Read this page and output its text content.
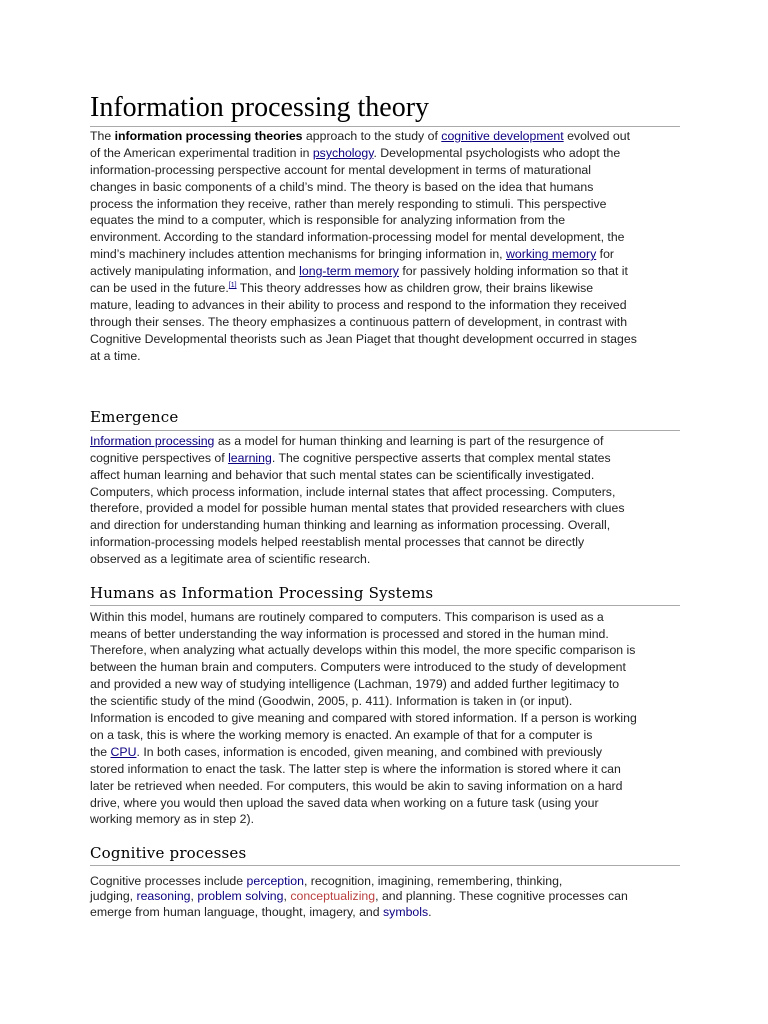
Information processing theory

The information processing theories approach to the study of cognitive development evolved out

of the American experimental tradition in psychology. Developmental psychologists who adopt the

information-processing perspective account for mental development in terms of maturational

changes in basic components of a child’s mind. The theory is based on the idea that humans

process the information they receive, rather than merely responding to stimuli. This perspective

equates the mind to a computer, which is responsible for analyzing information from the

environment. According to the standard information-processing model for mental development, the

mind’s machinery includes attention mechanisms for bringing information in, working memory for

actively manipulating information, and long-term memory for passively holding information so that it

can be used in the future.[1] This theory addresses how as children grow, their brains likewise

mature, leading to advances in their ability to process and respond to the information they received

through their senses. The theory emphasizes a continuous pattern of development, in contrast with

Cognitive Developmental theorists such as Jean Piaget that thought development occurred in stages

at a time.

Emergence

Information processing as a model for human thinking and learning is part of the resurgence of

cognitive perspectives of learning. The cognitive perspective asserts that complex mental states

affect human learning and behavior that such mental states can be scientifically investigated.

Computers, which process information, include internal states that affect processing. Computers,

therefore, provided a model for possible human mental states that provided researchers with clues

and direction for understanding human thinking and learning as information processing. Overall,

information-processing models helped reestablish mental processes that cannot be directly

observed as a legitimate area of scientific research.

Humans as Information Processing Systems

Within this model, humans are routinely compared to computers. This comparison is used as a

means of better understanding the way information is processed and stored in the human mind.

Therefore, when analyzing what actually develops within this model, the more specific comparison is

between the human brain and computers. Computers were introduced to the study of development

and provided a new way of studying intelligence (Lachman, 1979) and added further legitimacy to

the scientific study of the mind (Goodwin, 2005, p. 411). Information is taken in (or input).

Information is encoded to give meaning and compared with stored information. If a person is working

on a task, this is where the working memory is enacted. An example of that for a computer is

the CPU. In both cases, information is encoded, given meaning, and combined with previously

stored information to enact the task. The latter step is where the information is stored where it can

later be retrieved when needed. For computers, this would be akin to saving information on a hard

drive, where you would then upload the saved data when working on a future task (using your

working memory as in step 2).

Cognitive processes

Cognitive processes include perception, recognition, imagining, remembering, thinking,

judging, reasoning, problem solving, conceptualizing, and planning. These cognitive processes can

emerge from human language, thought, imagery, and symbols.
